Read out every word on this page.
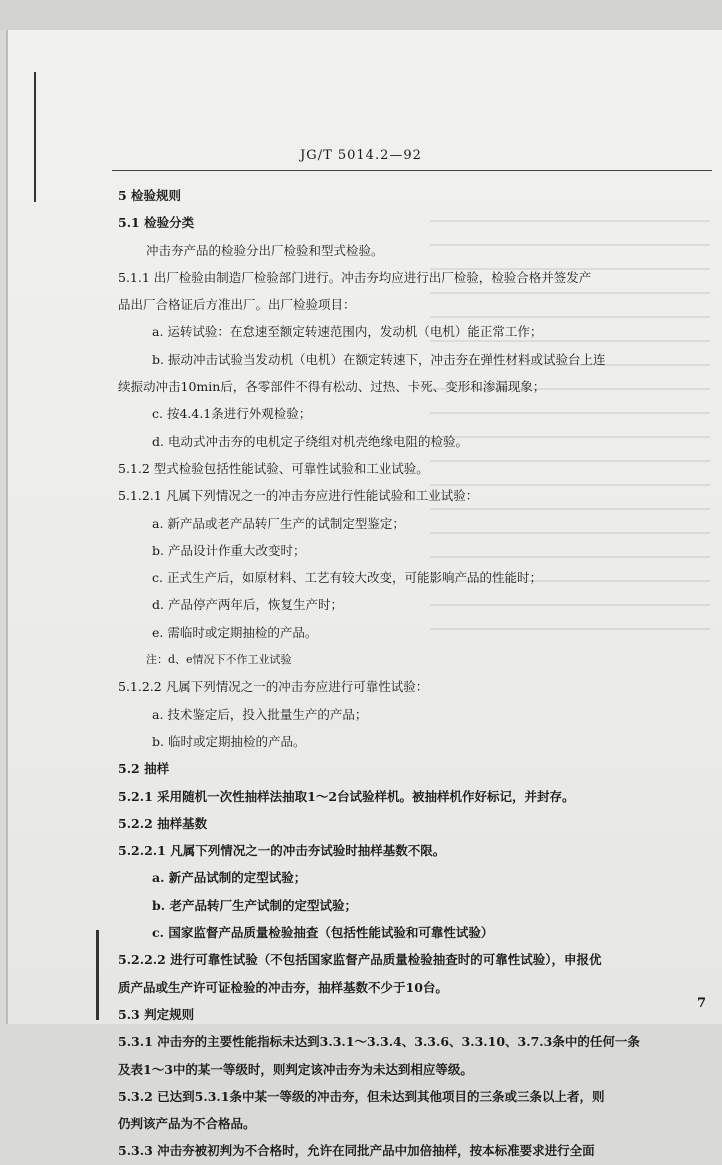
JG/T 5014.2—92
5 检验规则
5.1 检验分类
冲击夯产品的检验分出厂检验和型式检验。
5.1.1 出厂检验由制造厂检验部门进行。冲击夯均应进行出厂检验，检验合格并签发产
品出厂合格证后方准出厂。出厂检验项目：
a. 运转试验：在怠速至额定转速范围内，发动机（电机）能正常工作；
b. 振动冲击试验当发动机（电机）在额定转速下，冲击夯在弹性材料或试验台上连
续振动冲击10min后，各零部件不得有松动、过热、卡死、变形和渗漏现象；
c. 按4.4.1条进行外观检验；
d. 电动式冲击夯的电机定子绕组对机壳绝缘电阻的检验。
5.1.2 型式检验包括性能试验、可靠性试验和工业试验。
5.1.2.1 凡属下列情况之一的冲击夯应进行性能试验和工业试验：
a. 新产品或老产品转厂生产的试制定型鉴定；
b. 产品设计作重大改变时；
c. 正式生产后，如原材料、工艺有较大改变，可能影响产品的性能时；
d. 产品停产两年后，恢复生产时；
e. 需临时或定期抽检的产品。
注：d、e情况下不作工业试验
5.1.2.2 凡属下列情况之一的冲击夯应进行可靠性试验：
a. 技术鉴定后，投入批量生产的产品；
b. 临时或定期抽检的产品。
5.2 抽样
5.2.1 采用随机一次性抽样法抽取1～2台试验样机。被抽样机作好标记，并封存。
5.2.2 抽样基数
5.2.2.1 凡属下列情况之一的冲击夯试验时抽样基数不限。
a. 新产品试制的定型试验；
b. 老产品转厂生产试制的定型试验；
c. 国家监督产品质量检验抽查（包括性能试验和可靠性试验）
5.2.2.2 进行可靠性试验（不包括国家监督产品质量检验抽查时的可靠性试验），申报优
质产品或生产许可证检验的冲击夯，抽样基数不少于10台。
5.3 判定规则
5.3.1 冲击夯的主要性能指标未达到3.3.1～3.3.4、3.3.6、3.3.10、3.7.3条中的任何一条
及表1～3中的某一等级时，则判定该冲击夯为未达到相应等级。
5.3.2 已达到5.3.1条中某一等级的冲击夯，但未达到其他项目的三条或三条以上者，则
仍判该产品为不合格品。
5.3.3 冲击夯被初判为不合格时，允许在同批产品中加倍抽样，按本标准要求进行全面
7
